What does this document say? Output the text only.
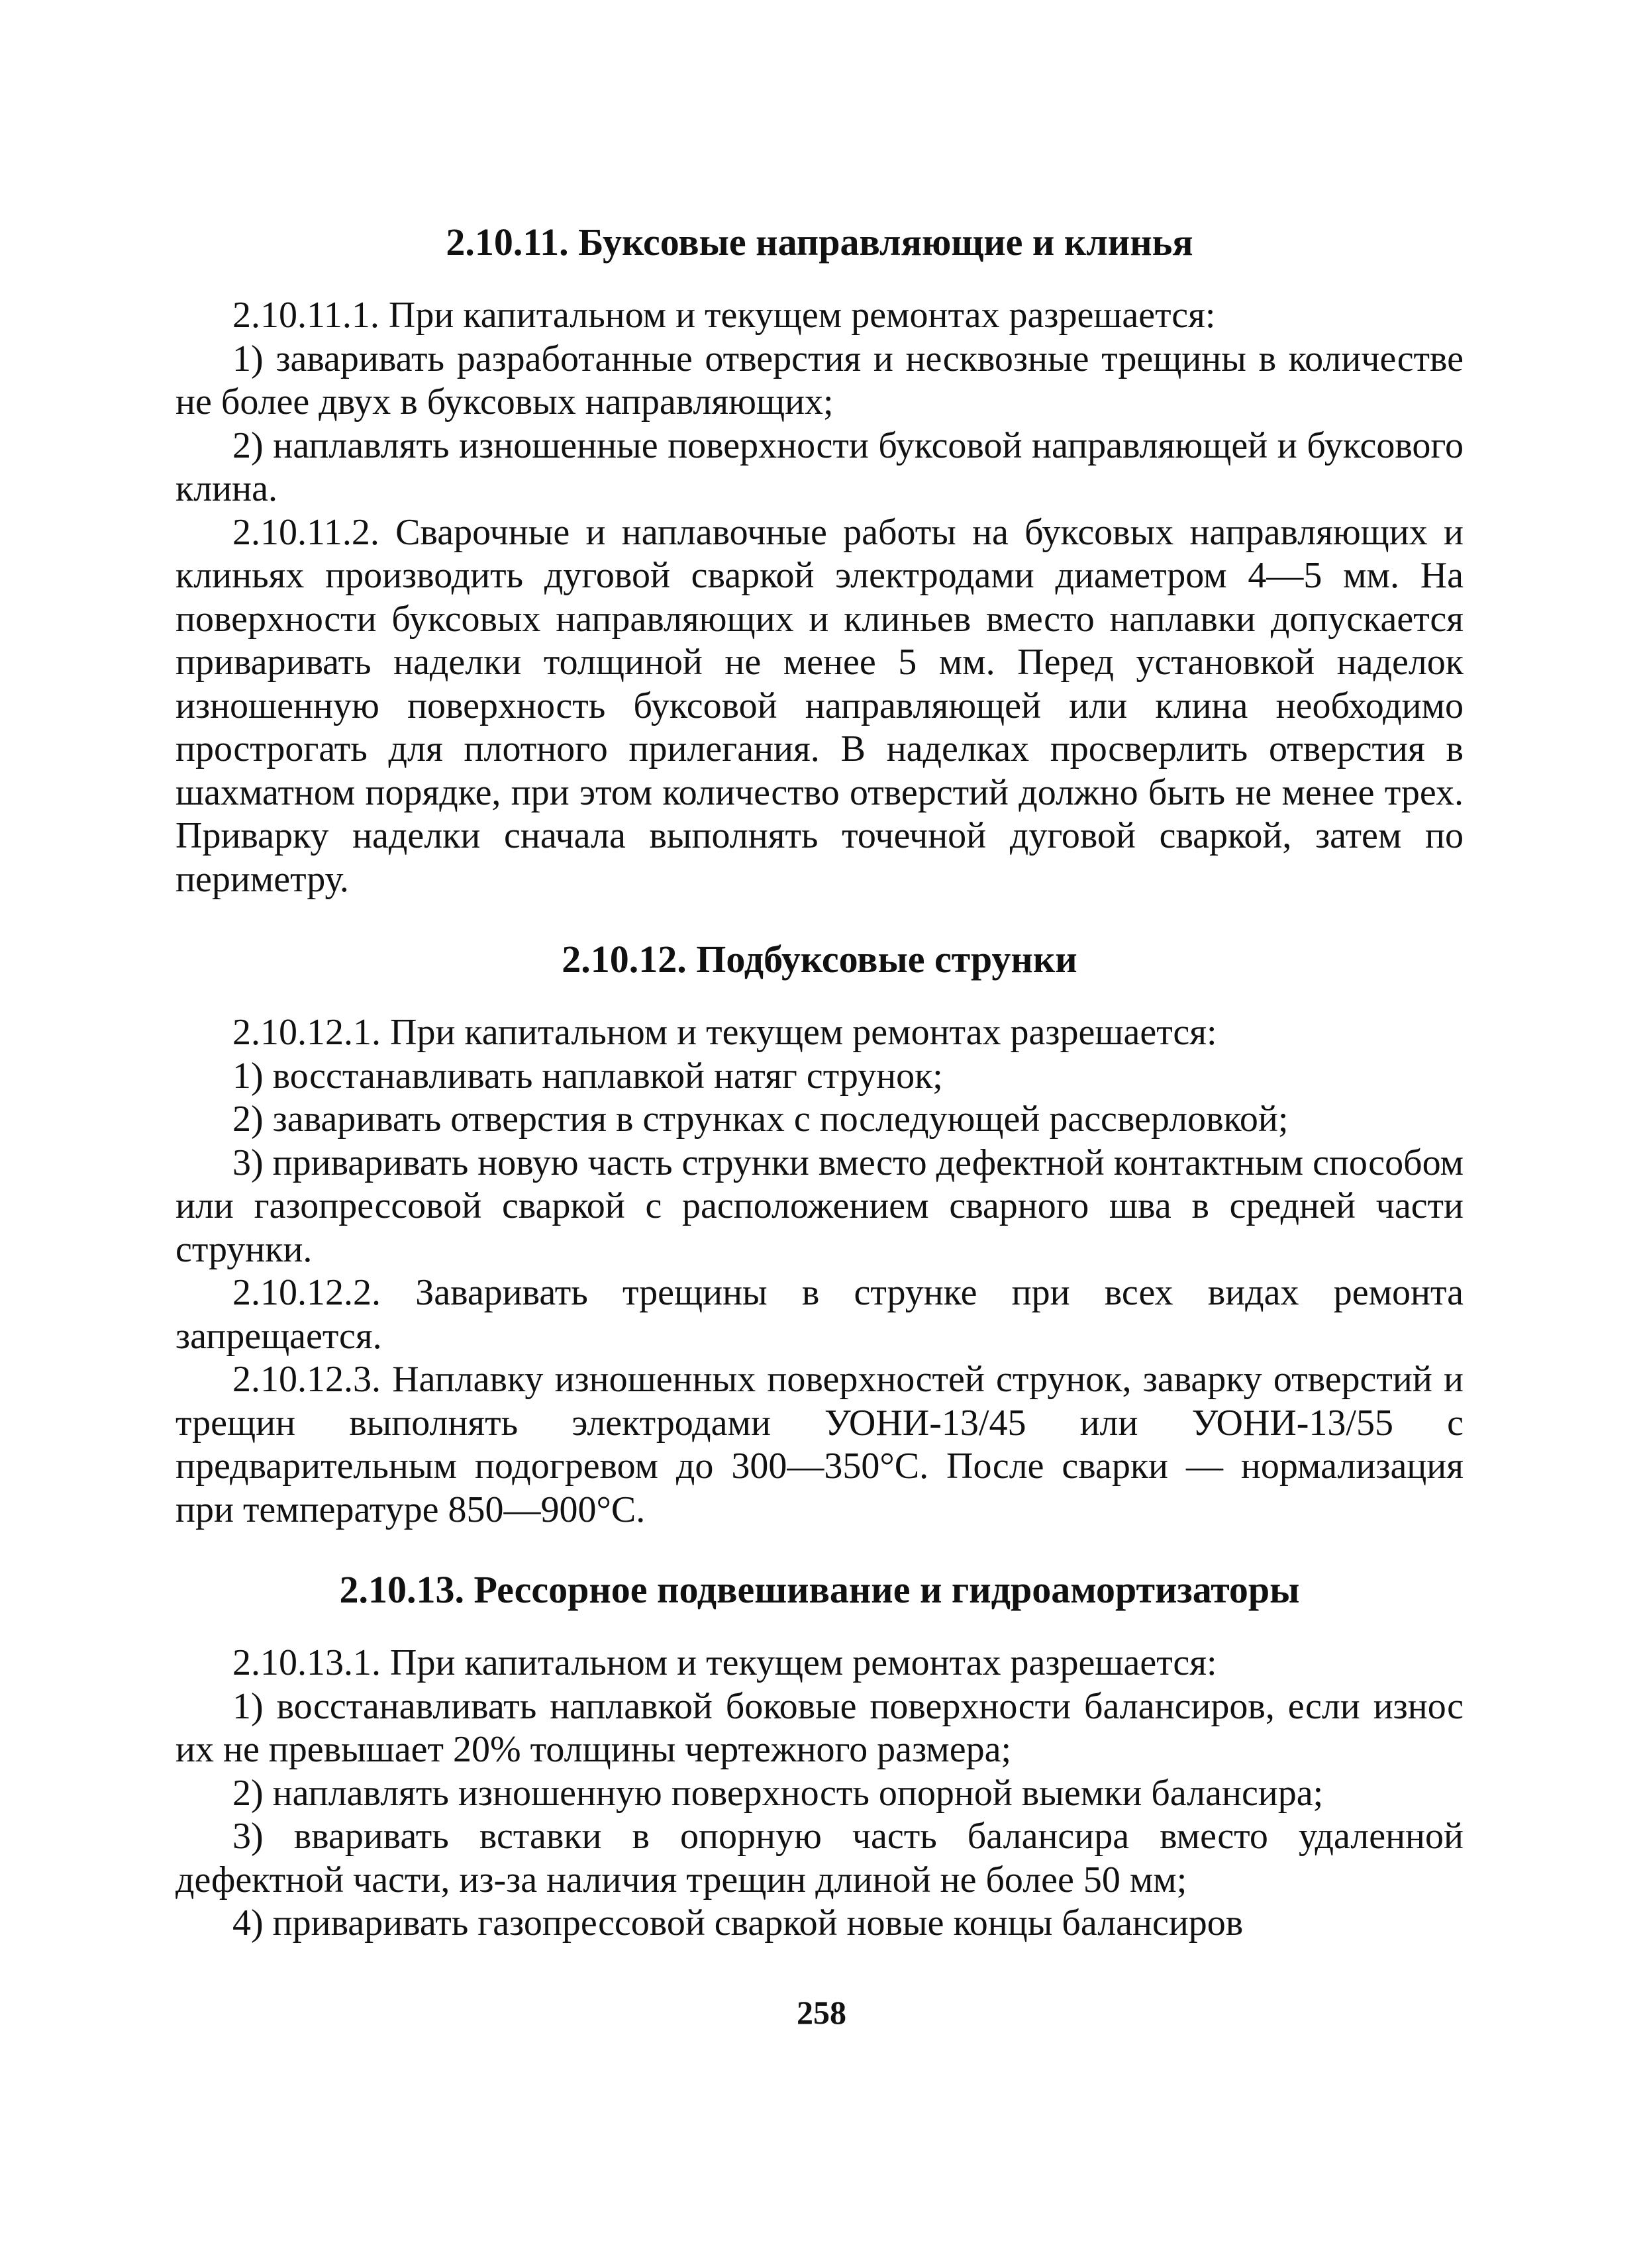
2.10.11. Буксовые направляющие и клинья

2.10.11.1. При капитальном и текущем ремонтах разрешается:

1) заваривать разработанные отверстия и несквозные трещины в количестве не более двух в буксовых направляющих;

2) наплавлять изношенные поверхности буксовой направляющей и буксового клина.

2.10.11.2. Сварочные и наплавочные работы на буксовых направляющих и клиньях производить дуговой сваркой электродами диаметром 4—5 мм. На поверхности буксовых направляющих и клиньев вместо наплавки допускается приваривать наделки толщиной не менее 5 мм. Перед установкой наделок изношенную поверхность буксовой направляющей или клина необходимо прострогать для плотного прилегания. В наделках просверлить отверстия в шахматном порядке, при этом количество отверстий должно быть не менее трех. Приварку наделки сначала выполнять точечной дуговой сваркой, затем по периметру.

2.10.12. Подбуксовые струнки

2.10.12.1. При капитальном и текущем ремонтах разрешается:

1) восстанавливать наплавкой натяг струнок;

2) заваривать отверстия в струнках с последующей рассверловкой;

3) приваривать новую часть струнки вместо дефектной контактным способом или газопрессовой сваркой с расположением сварного шва в средней части струнки.

2.10.12.2. Заваривать трещины в струнке при всех видах ремонта запрещается.

2.10.12.3. Наплавку изношенных поверхностей струнок, заварку отверстий и трещин выполнять электродами УОНИ-13/45 или УОНИ-13/55 с предварительным подогревом до 300—350°С. После сварки — нормализация при температуре 850—900°С.

2.10.13. Рессорное подвешивание и гидроамортизаторы

2.10.13.1. При капитальном и текущем ремонтах разрешается:

1) восстанавливать наплавкой боковые поверхности балансиров, если износ их не превышает 20% толщины чертежного размера;

2) наплавлять изношенную поверхность опорной выемки балансира;

3) вваривать вставки в опорную часть балансира вместо удаленной дефектной части, из-за наличия трещин длиной не более 50 мм;

4) приваривать газопрессовой сваркой новые концы балансиров

258
